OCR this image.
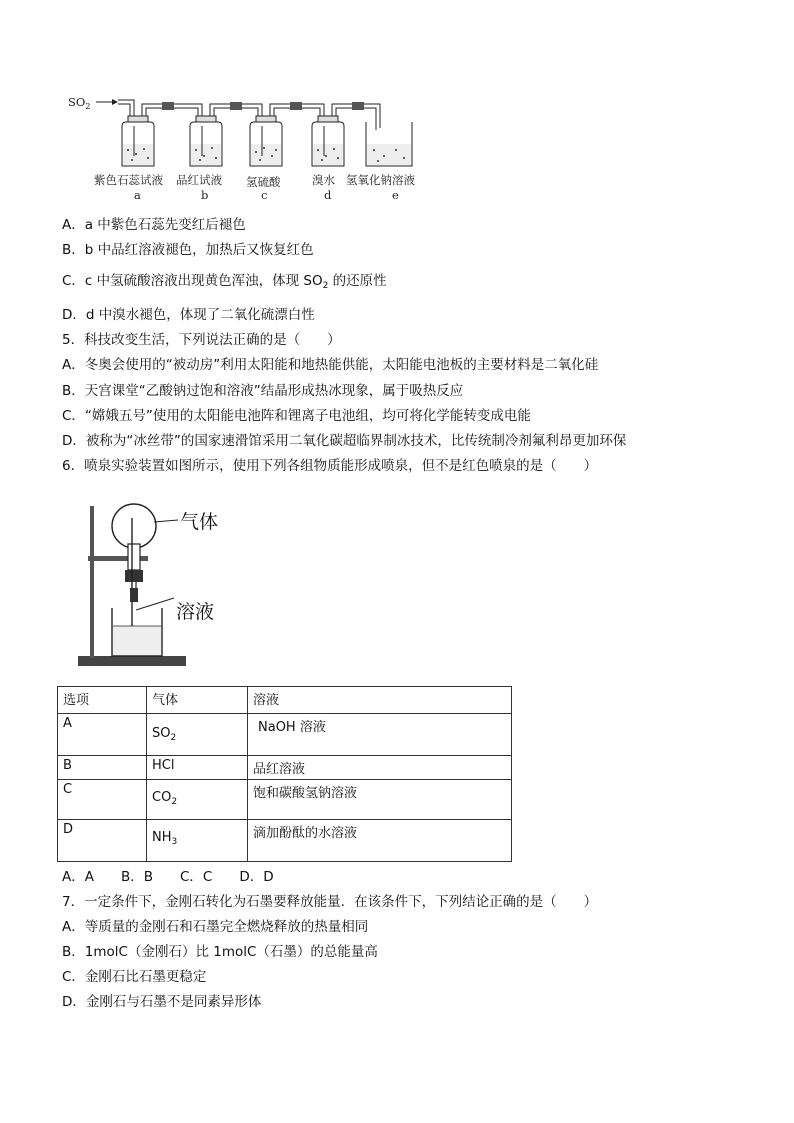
$SO_2$
紫色石蕊试液
a
品红试液
b
氢硫酸
c
溴水
d
氢氧化钠溶液
e
A．a 中紫色石蕊先变红后褪色
B．b 中品红溶液褪色，加热后又恢复红色
C．c 中氢硫酸溶液出现黄色浑浊，体现 $SO_2$ 的还原性
D．d 中溴水褪色，体现了二氧化硫漂白性
5．科技改变生活，下列说法正确的是（　　）
A．冬奥会使用的“被动房”利用太阳能和地热能供能，太阳能电池板的主要材料是二氧化硅
B．天宫课堂“乙酸钠过饱和溶液”结晶形成热冰现象，属于吸热反应
C．“嫦娥五号”使用的太阳能电池阵和锂离子电池组，均可将化学能转变成电能
D．被称为“冰丝带”的国家速滑馆采用二氧化碳超临界制冰技术，比传统制冷剂氟利昂更加环保
6．喷泉实验装置如图所示，使用下列各组物质能形成喷泉，但不是红色喷泉的是（　　）
气体
溶液
选项	气体	溶液
A	$SO_2$	NaOH 溶液
B	HCl	品红溶液
C	$CO_2$	饱和碳酸氢钠溶液
D	$NH_3$	滴加酚酞的水溶液
A．A　　B．B　　C．C　　D．D
7．一定条件下，金刚石转化为石墨要释放能量．在该条件下，下列结论正确的是（　　）
A．等质量的金刚石和石墨完全燃烧释放的热量相同
B．1molC（金刚石）比 1molC（石墨）的总能量高
C．金刚石比石墨更稳定
D．金刚石与石墨不是同素异形体
